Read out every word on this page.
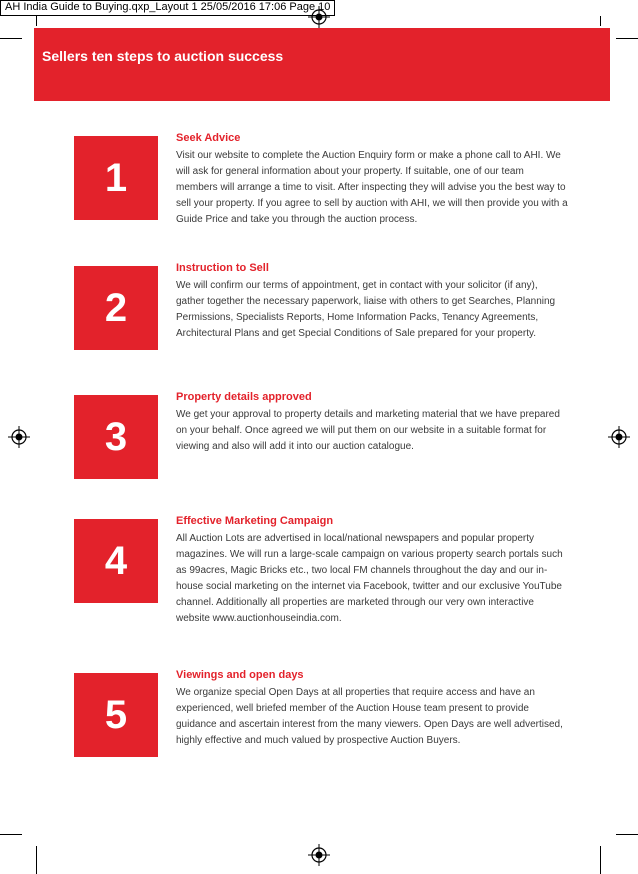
AH India Guide to Buying.qxp_Layout 1 25/05/2016 17:06 Page 10
Sellers ten steps to auction success
1
Seek Advice
Visit our website to complete the Auction Enquiry form or make a phone call to AHI. We will ask for general information about your property. If suitable, one of our team members will arrange a time to visit. After inspecting they will advise you the best way to sell your property. If you agree to sell by auction with AHI, we will then provide you with a Guide Price and take you through the auction process.
2
Instruction to Sell
We will confirm our terms of appointment, get in contact with your solicitor (if any), gather together the necessary paperwork, liaise with others to get Searches, Planning Permissions, Specialists Reports, Home Information Packs, Tenancy Agreements, Architectural Plans and get Special Conditions of Sale prepared for your property.
3
Property details approved
We get your approval to property details and marketing material that we have prepared on your behalf. Once agreed we will put them on our website in a suitable format for viewing and also will add it into our auction catalogue.
4
Effective Marketing Campaign
All Auction Lots are advertised in local/national newspapers and popular property magazines. We will run a large-scale campaign on various property search portals such as 99acres, Magic Bricks etc., two local FM channels throughout the day and our in-house social marketing on the internet via Facebook, twitter and our exclusive YouTube channel. Additionally all properties are marketed through our very own interactive website www.auctionhouseindia.com.
5
Viewings and open days
We organize special Open Days at all properties that require access and have an experienced, well briefed member of the Auction House team present to provide guidance and ascertain interest from the many viewers. Open Days are well advertised, highly effective and much valued by prospective Auction Buyers.
